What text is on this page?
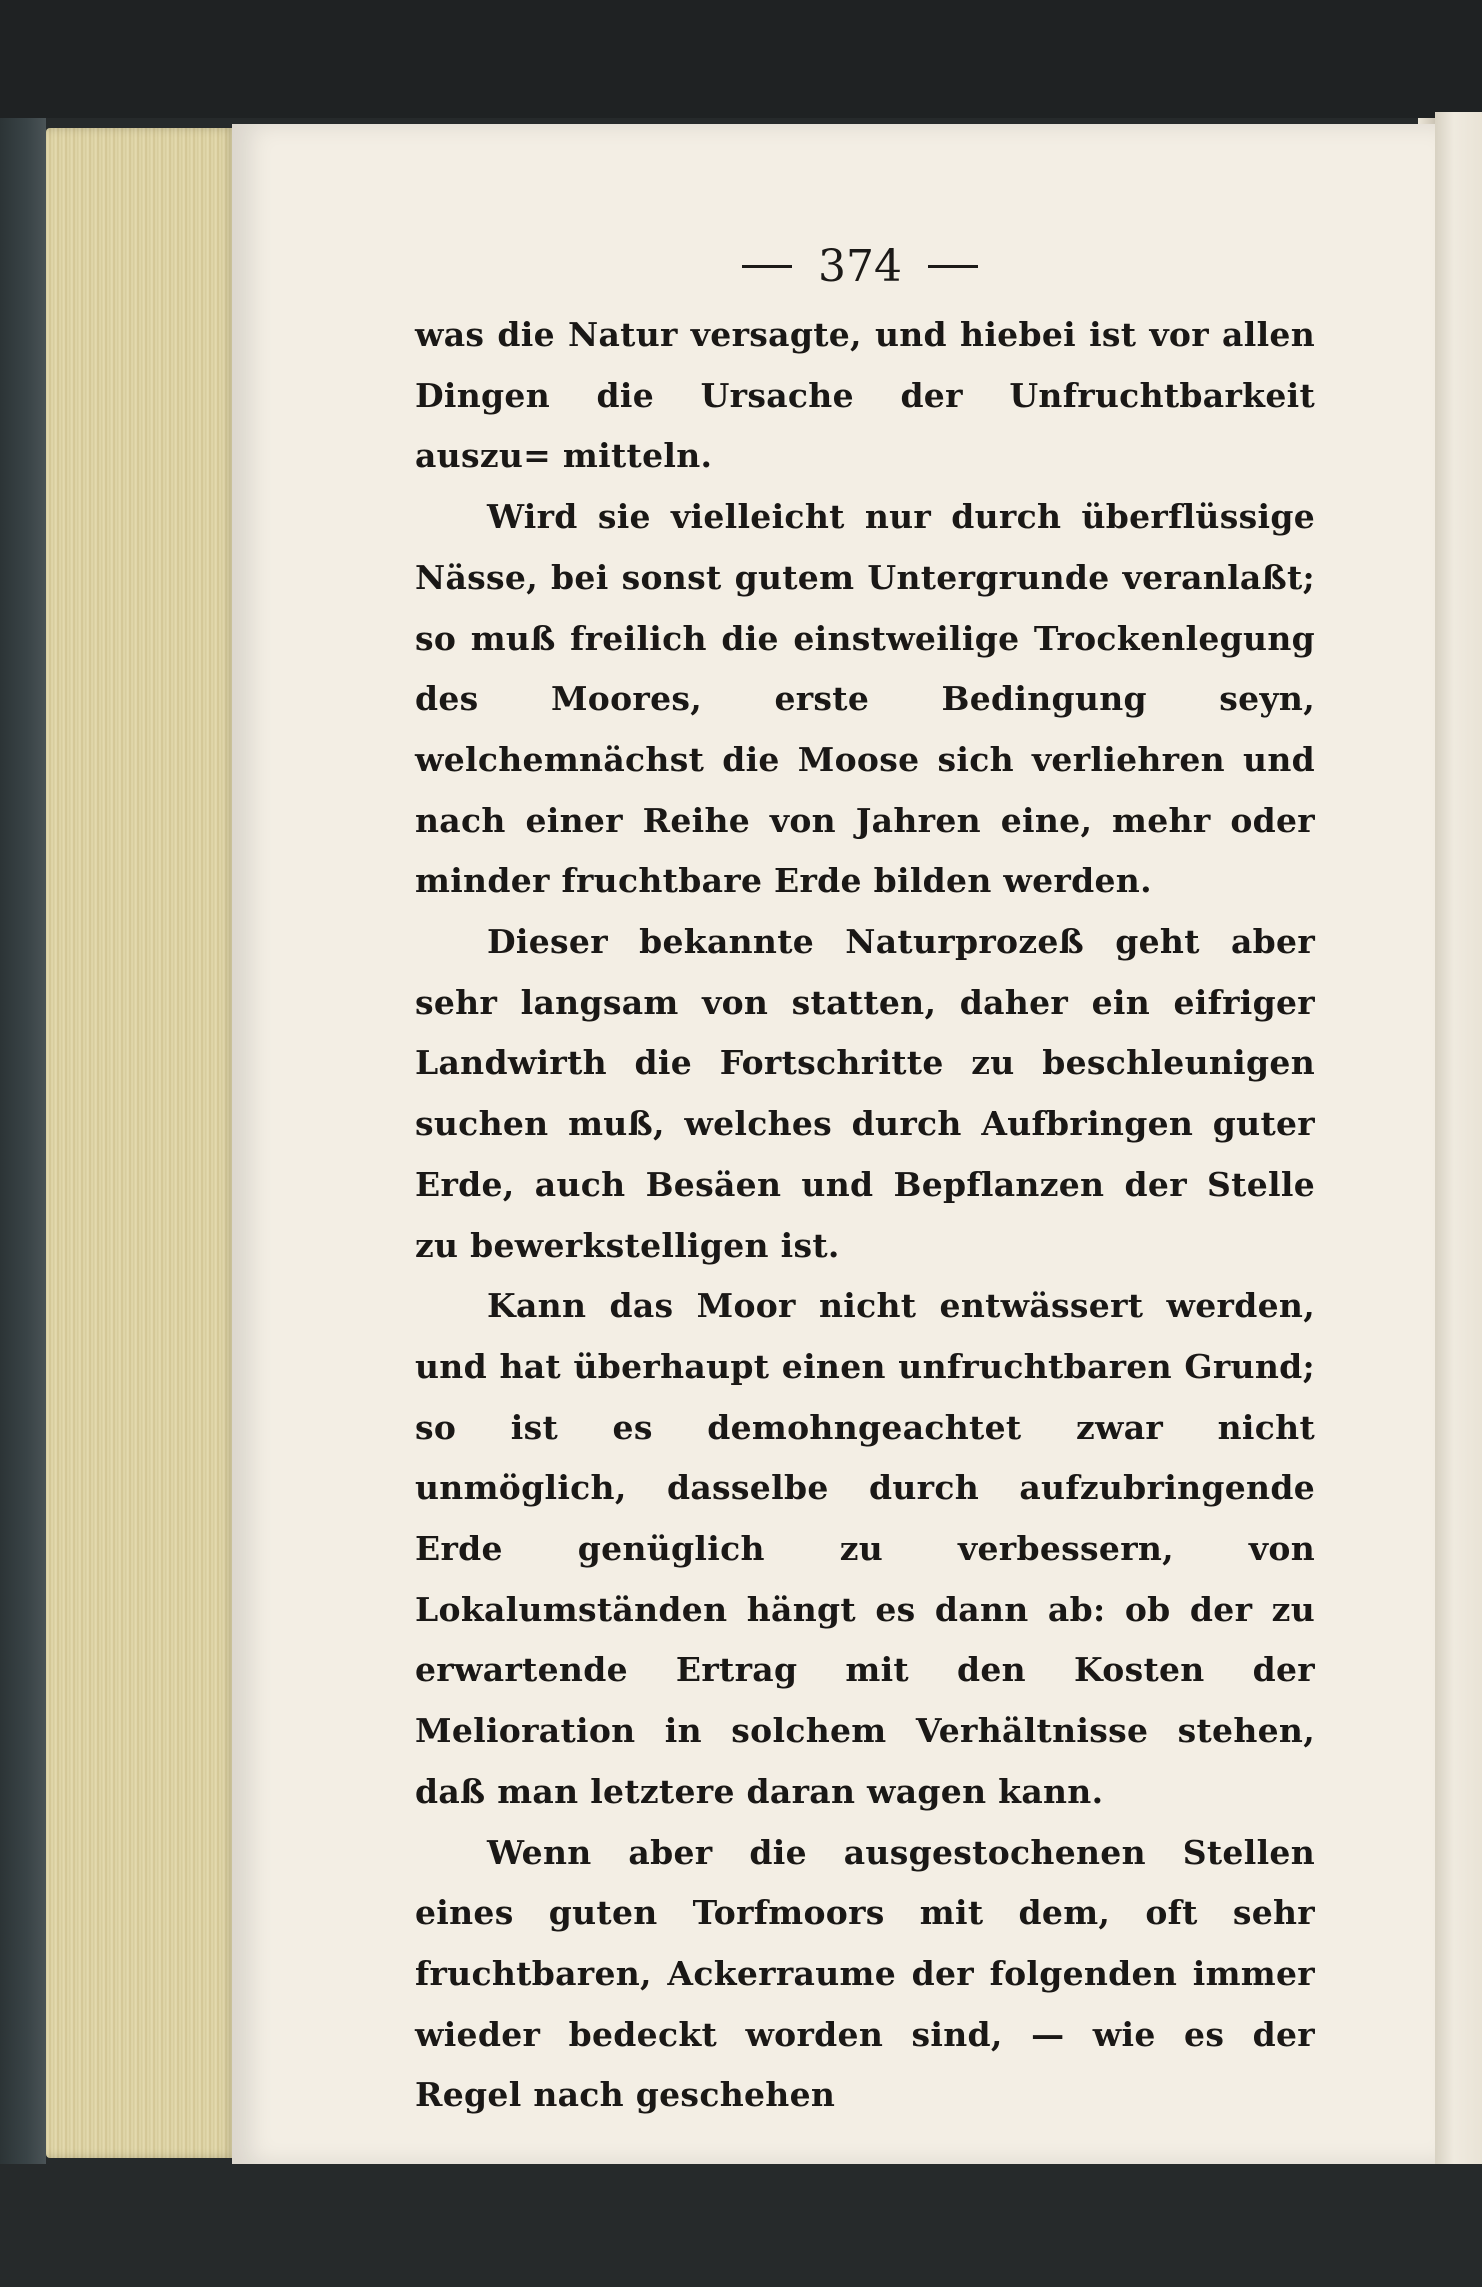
374

was die Natur versagte, und hiebei ist vor allen Dingen die Ursache der Unfruchtbarkeit auszu= mitteln.

Wird sie vielleicht nur durch überflüssige Nässe, bei sonst gutem Untergrunde veranlaßt; so muß freilich die einstweilige Trockenlegung des Moores, erste Bedingung seyn, welchemnächst die Moose sich verliehren und nach einer Reihe von Jahren eine, mehr oder minder fruchtbare Erde bilden werden.

Dieser bekannte Naturprozeß geht aber sehr langsam von statten, daher ein eifriger Landwirth die Fortschritte zu beschleunigen suchen muß, welches durch Aufbringen guter Erde, auch Besäen und Bepflanzen der Stelle zu bewerkstelligen ist.

Kann das Moor nicht entwässert werden, und hat überhaupt einen unfruchtbaren Grund; so ist es demohngeachtet zwar nicht unmöglich, dasselbe durch aufzubringende Erde genüglich zu verbessern, von Lokalumständen hängt es dann ab: ob der zu erwartende Ertrag mit den Kosten der Melioration in solchem Verhältnisse stehen, daß man letztere daran wagen kann.

Wenn aber die ausgestochenen Stellen eines guten Torfmoors mit dem, oft sehr fruchtbaren, Ackerraume der folgenden immer wieder bedeckt worden sind, — wie es der Regel nach geschehen
